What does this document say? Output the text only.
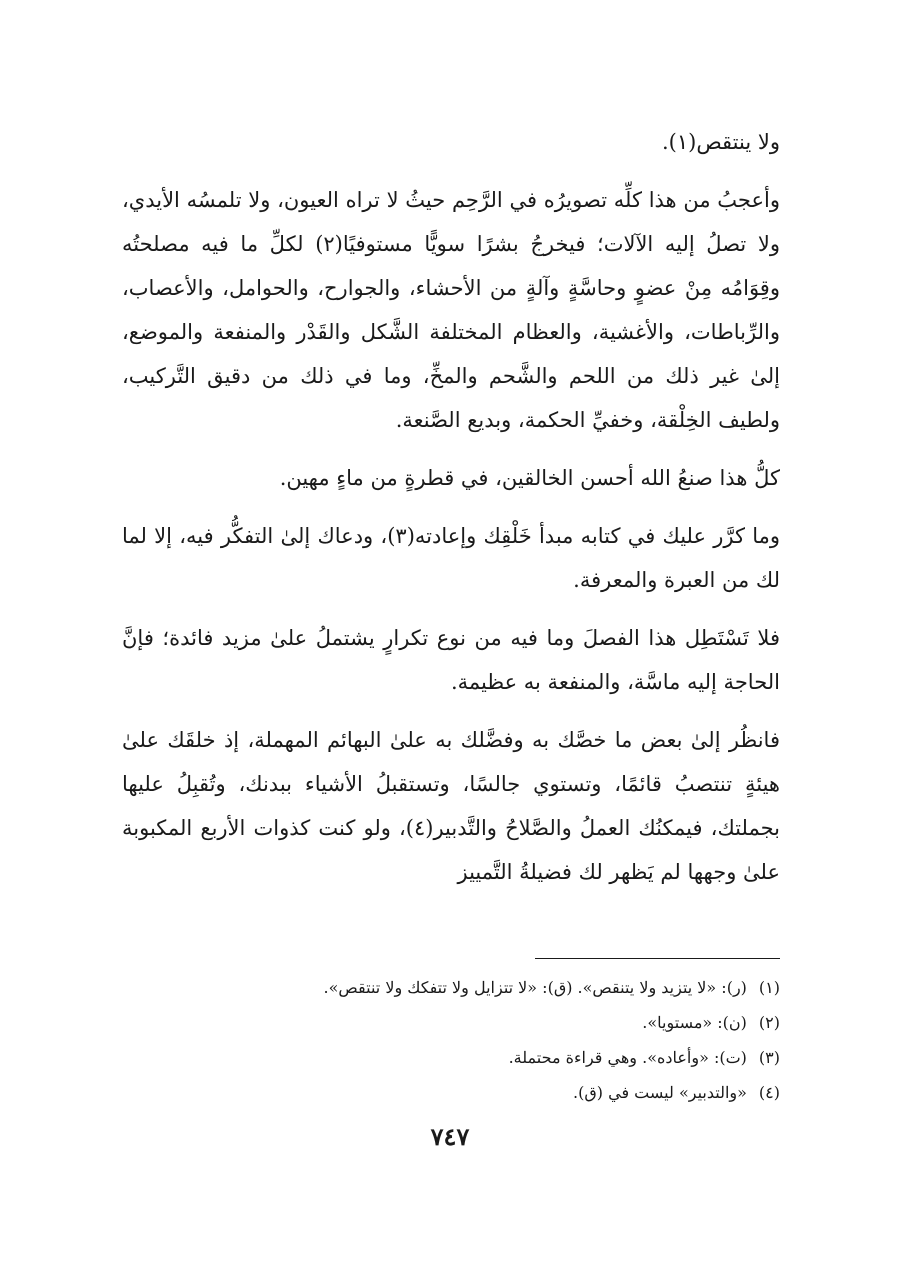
ولا ينتقص(١).

وأعجبُ من هذا كلِّه تصويرُه في الرَّحِم حيثُ لا تراه العيون، ولا تلمسُه الأيدي، ولا تصلُ إليه الآلات؛ فيخرجُ بشرًا سويًّا مستوفيًا(٢) لكلِّ ما فيه مصلحتُه وقِوَامُه مِنْ عضوٍ وحاسَّةٍ وآلةٍ من الأحشاء، والجوارح، والحوامل، والأعصاب، والرِّباطات، والأغشية، والعظام المختلفة الشَّكل والقَدْر والمنفعة والموضع، إلىٰ غير ذلك من اللحم والشَّحم والمخِّ، وما في ذلك من دقيق التَّركيب، ولطيف الخِلْقة، وخفيِّ الحكمة، وبديع الصَّنعة.

كلُّ هذا صنعُ الله أحسن الخالقين، في قطرةٍ من ماءٍ مهين.

وما كرَّر عليك في كتابه مبدأ خَلْقِك وإعادته(٣)، ودعاك إلىٰ التفكُّر فيه، إلا لما لك من العبرة والمعرفة.

فلا تَسْتَطِل هذا الفصلَ وما فيه من نوع تكرارٍ يشتملُ علىٰ مزيد فائدة؛ فإنَّ الحاجة إليه ماسَّة، والمنفعة به عظيمة.

فانظُر إلىٰ بعض ما خصَّك به وفضَّلك به علىٰ البهائم المهملة، إذ خلقَك علىٰ هيئةٍ تنتصبُ قائمًا، وتستوي جالسًا، وتستقبلُ الأشياء ببدنك، وتُقبِلُ عليها بجملتك، فيمكنُك العملُ والصَّلاحُ والتَّدبير(٤)، ولو كنت كذوات الأربع المكبوبة علىٰ وجهها لم يَظهر لك فضيلةُ التَّمييز

(١)(ر): «لا يتزيد ولا يتنقص». (ق): «لا تتزايل ولا تتفكك ولا تنتقص».
(٢)(ن): «مستويا».
(٣)(ت): «وأعاده». وهي قراءة محتملة.
(٤)«والتدبير» ليست في (ق).
٧٤٧
